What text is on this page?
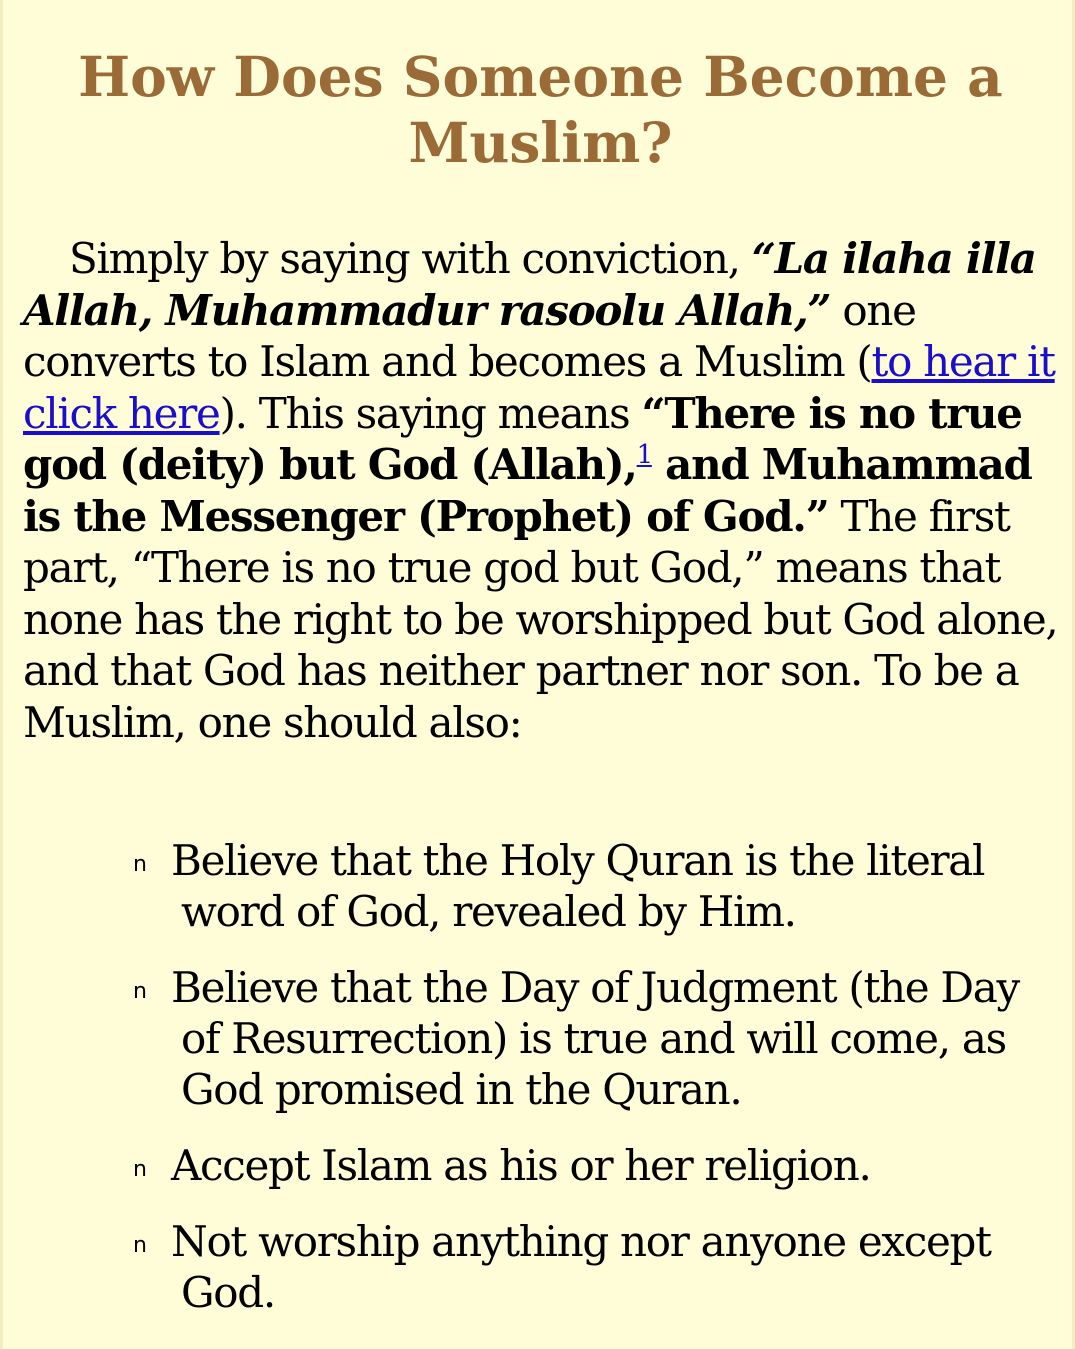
How Does Someone Become a Muslim?

Simply by saying with conviction, “La ilaha illa Allah, Muhammadur rasoolu Allah,” one converts to Islam and becomes a Muslim (to hear it click here). This saying means “There is no true god (deity) but God (Allah),$^1$ and Muhammad is the Messenger (Prophet) of God.” The first part, “There is no true god but God,” means that none has the right to be worshipped but God alone, and that God has neither partner nor son. To be a Muslim, one should also:

n Believe that the Holy Quran is the literal word of God, revealed by Him.
n Believe that the Day of Judgment (the Day of Resurrection) is true and will come, as God promised in the Quran.
n Accept Islam as his or her religion.
n Not worship anything nor anyone except God.
